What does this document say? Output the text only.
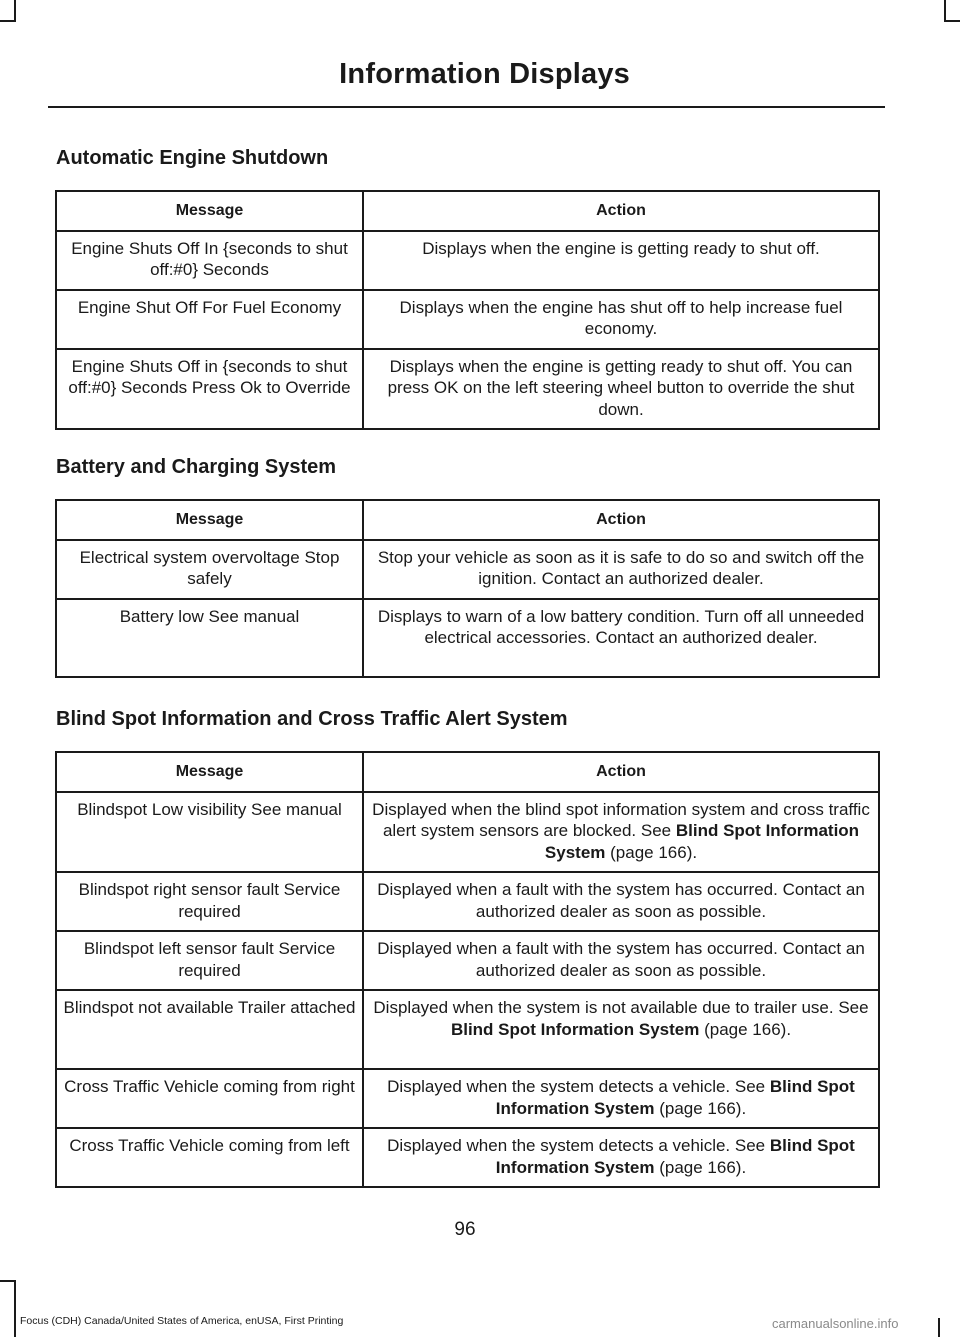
Information Displays
Automatic Engine Shutdown
Message	Action
Engine Shuts Off In {seconds to shut off:#0} Seconds	Displays when the engine is getting ready to shut off.
Engine Shut Off For Fuel Economy	Displays when the engine has shut off to help increase fuel economy.
Engine Shuts Off in {seconds to shut off:#0} Seconds Press Ok to Override	Displays when the engine is getting ready to shut off. You can press OK on the left steering wheel button to override the shut down.
Battery and Charging System
Message	Action
Electrical system overvoltage Stop safely	Stop your vehicle as soon as it is safe to do so and switch off the ignition. Contact an authorized dealer.
Battery low See manual	Displays to warn of a low battery condition. Turn off all unneeded electrical accessories. Contact an authorized dealer.
Blind Spot Information and Cross Traffic Alert System
Message	Action
Blindspot Low visibility See manual	Displayed when the blind spot information system and cross traffic alert system sensors are blocked. See Blind Spot Information System (page 166).
Blindspot right sensor fault Service required	Displayed when a fault with the system has occurred. Contact an authorized dealer as soon as possible.
Blindspot left sensor fault Service required	Displayed when a fault with the system has occurred. Contact an authorized dealer as soon as possible.
Blindspot not available Trailer attached	Displayed when the system is not available due to trailer use. See Blind Spot Information System (page 166).
Cross Traffic Vehicle coming from right	Displayed when the system detects a vehicle. See Blind Spot Information System (page 166).
Cross Traffic Vehicle coming from left	Displayed when the system detects a vehicle. See Blind Spot Information System (page 166).
96
Focus (CDH) Canada/United States of America, enUSA, First Printing	carmanualsonline.info
